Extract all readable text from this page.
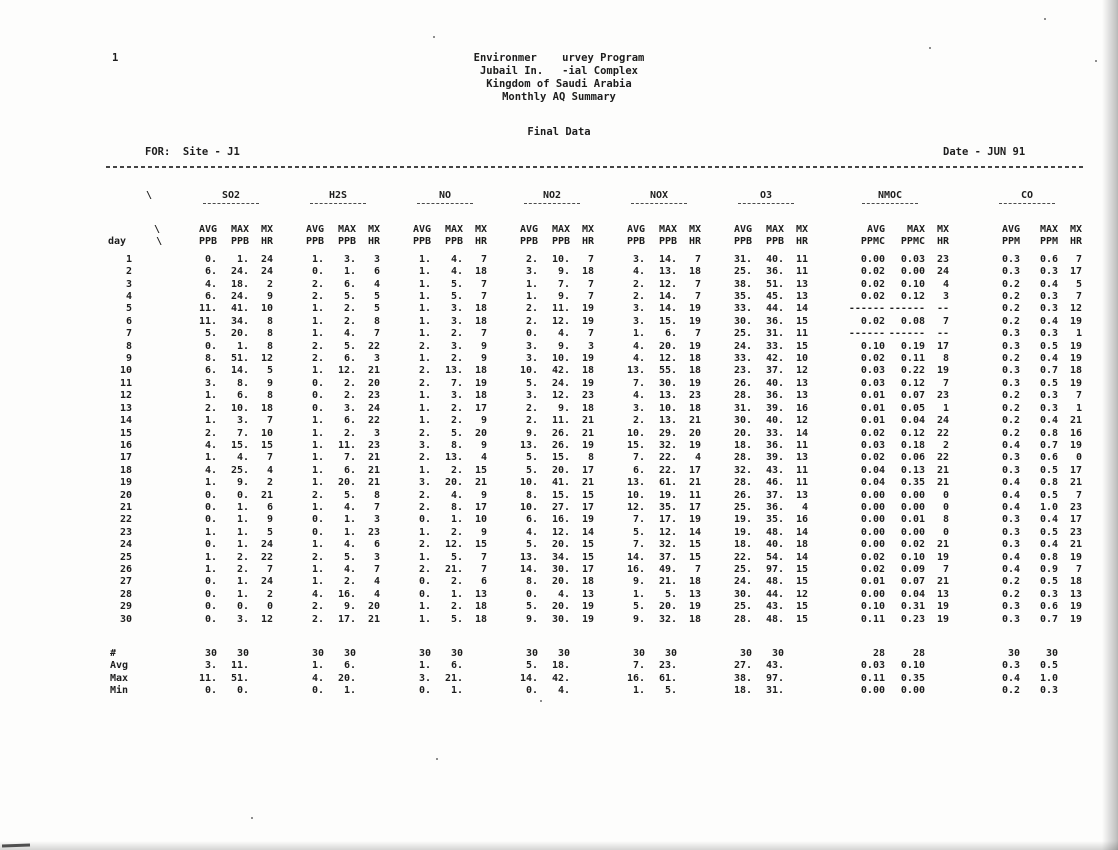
1	Environmer    urvey Program
Jubail In.   -ial Complex
Kingdom of Saudi Arabia
Monthly AQ Summary
Final Data
FOR:  Site - J1	Date - JUN 91
\	SO2				H2S				NO				NO2				NOX				O3				NMOC				CO		
\	AVG	MAX	MX		AVG	MAX	MX		AVG	MAX	MX		AVG	MAX	MX		AVG	MAX	MX		AVG	MAX	MX		AVG	MAX	MX		AVG	MAX	MX
day \	PPB	PPB	HR		PPB	PPB	HR		PPB	PPB	HR		PPB	PPB	HR		PPB	PPB	HR		PPB	PPB	HR		PPMC	PPMC	HR		PPM	PPM	HR
1	0.	1.	24		1.	3.	3		1.	4.	7		2.	10.	7		3.	14.	7		31.	40.	11		0.00	0.03	23		0.3	0.6	7
2	6.	24.	24		0.	1.	6		1.	4.	18		3.	9.	18		4.	13.	18		25.	36.	11		0.02	0.00	24		0.3	0.3	17
3	4.	18.	2		2.	6.	4		1.	5.	7		1.	7.	7		2.	12.	7		38.	51.	13		0.02	0.10	4		0.2	0.4	5
4	6.	24.	9		2.	5.	5		1.	5.	7		1.	9.	7		2.	14.	7		35.	45.	13		0.02	0.12	3		0.2	0.3	7
5	11.	41.	10		1.	2.	5		1.	3.	18		2.	11.	19		3.	14.	19		33.	44.	14		------	------	--		0.2	0.3	12
6	11.	34.	8		1.	2.	8		1.	3.	18		2.	12.	19		3.	15.	19		30.	36.	15		0.02	0.08	7		0.2	0.4	19
7	5.	20.	8		1.	4.	7		1.	2.	7		0.	4.	7		1.	6.	7		25.	31.	11		------	------	--		0.3	0.3	1
8	0.	1.	8		2.	5.	22		2.	3.	9		3.	9.	3		4.	20.	19		24.	33.	15		0.10	0.19	17		0.3	0.5	19
9	8.	51.	12		2.	6.	3		1.	2.	9		3.	10.	19		4.	12.	18		33.	42.	10		0.02	0.11	8		0.2	0.4	19
10	6.	14.	5		1.	12.	21		2.	13.	18		10.	42.	18		13.	55.	18		23.	37.	12		0.03	0.22	19		0.3	0.7	18
11	3.	8.	9		0.	2.	20		2.	7.	19		5.	24.	19		7.	30.	19		26.	40.	13		0.03	0.12	7		0.3	0.5	19
12	1.	6.	8		0.	2.	23		1.	3.	18		3.	12.	23		4.	13.	23		28.	36.	13		0.01	0.07	23		0.2	0.3	7
13	2.	10.	18		0.	3.	24		1.	2.	17		2.	9.	18		3.	10.	18		31.	39.	16		0.01	0.05	1		0.2	0.3	1
14	1.	3.	7		1.	6.	22		1.	2.	9		2.	11.	21		2.	13.	21		30.	40.	12		0.01	0.04	24		0.2	0.4	21
15	2.	7.	10		1.	2.	3		2.	5.	20		9.	26.	21		10.	29.	20		20.	33.	14		0.02	0.12	22		0.2	0.8	16
16	4.	15.	15		1.	11.	23		3.	8.	9		13.	26.	19		15.	32.	19		18.	36.	11		0.03	0.18	2		0.4	0.7	19
17	1.	4.	7		1.	7.	21		2.	13.	4		5.	15.	8		7.	22.	4		28.	39.	13		0.02	0.06	22		0.3	0.6	0
18	4.	25.	4		1.	6.	21		1.	2.	15		5.	20.	17		6.	22.	17		32.	43.	11		0.04	0.13	21		0.3	0.5	17
19	1.	9.	2		1.	20.	21		3.	20.	21		10.	41.	21		13.	61.	21		28.	46.	11		0.04	0.35	21		0.4	0.8	21
20	0.	0.	21		2.	5.	8		2.	4.	9		8.	15.	15		10.	19.	11		26.	37.	13		0.00	0.00	0		0.4	0.5	7
21	0.	1.	6		1.	4.	7		2.	8.	17		10.	27.	17		12.	35.	17		25.	36.	4		0.00	0.00	0		0.4	1.0	23
22	0.	1.	9		0.	1.	3		0.	1.	10		6.	16.	19		7.	17.	19		19.	35.	16		0.00	0.01	8		0.3	0.4	17
23	1.	1.	5		0.	1.	23		1.	2.	9		4.	12.	14		5.	12.	14		19.	48.	14		0.00	0.00	0		0.3	0.5	23
24	0.	1.	24		1.	4.	6		2.	12.	15		5.	20.	15		7.	32.	15		18.	40.	18		0.00	0.02	21		0.3	0.4	21
25	1.	2.	22		2.	5.	3		1.	5.	7		13.	34.	15		14.	37.	15		22.	54.	14		0.02	0.10	19		0.4	0.8	19
26	1.	2.	7		1.	4.	7		2.	21.	7		14.	30.	17		16.	49.	7		25.	97.	15		0.02	0.09	7		0.4	0.9	7
27	0.	1.	24		1.	2.	4		0.	2.	6		8.	20.	18		9.	21.	18		24.	48.	15		0.01	0.07	21		0.2	0.5	18
28	0.	1.	2		4.	16.	4		0.	1.	13		0.	4.	13		1.	5.	13		30.	44.	12		0.00	0.04	13		0.2	0.3	13
29	0.	0.	0		2.	9.	20		1.	2.	18		5.	20.	19		5.	20.	19		25.	43.	15		0.10	0.31	19		0.3	0.6	19
30	0.	3.	12		2.	17.	21		1.	5.	18		9.	30.	19		9.	32.	18		28.	48.	15		0.11	0.23	19		0.3	0.7	19

#	30	30			30	30			30	30			30	30			30	30			30	30			28	28			30	30	
Avg	3.	11.			1.	6.			1.	6.			5.	18.			7.	23.			27.	43.			0.03	0.10			0.3	0.5	
Max	11.	51.			4.	20.			3.	21.			14.	42.			16.	61.			38.	97.			0.11	0.35			0.4	1.0	
Min	0.	0.			0.	1.			0.	1.			0.	4.			1.	5.			18.	31.			0.00	0.00			0.2	0.3	
